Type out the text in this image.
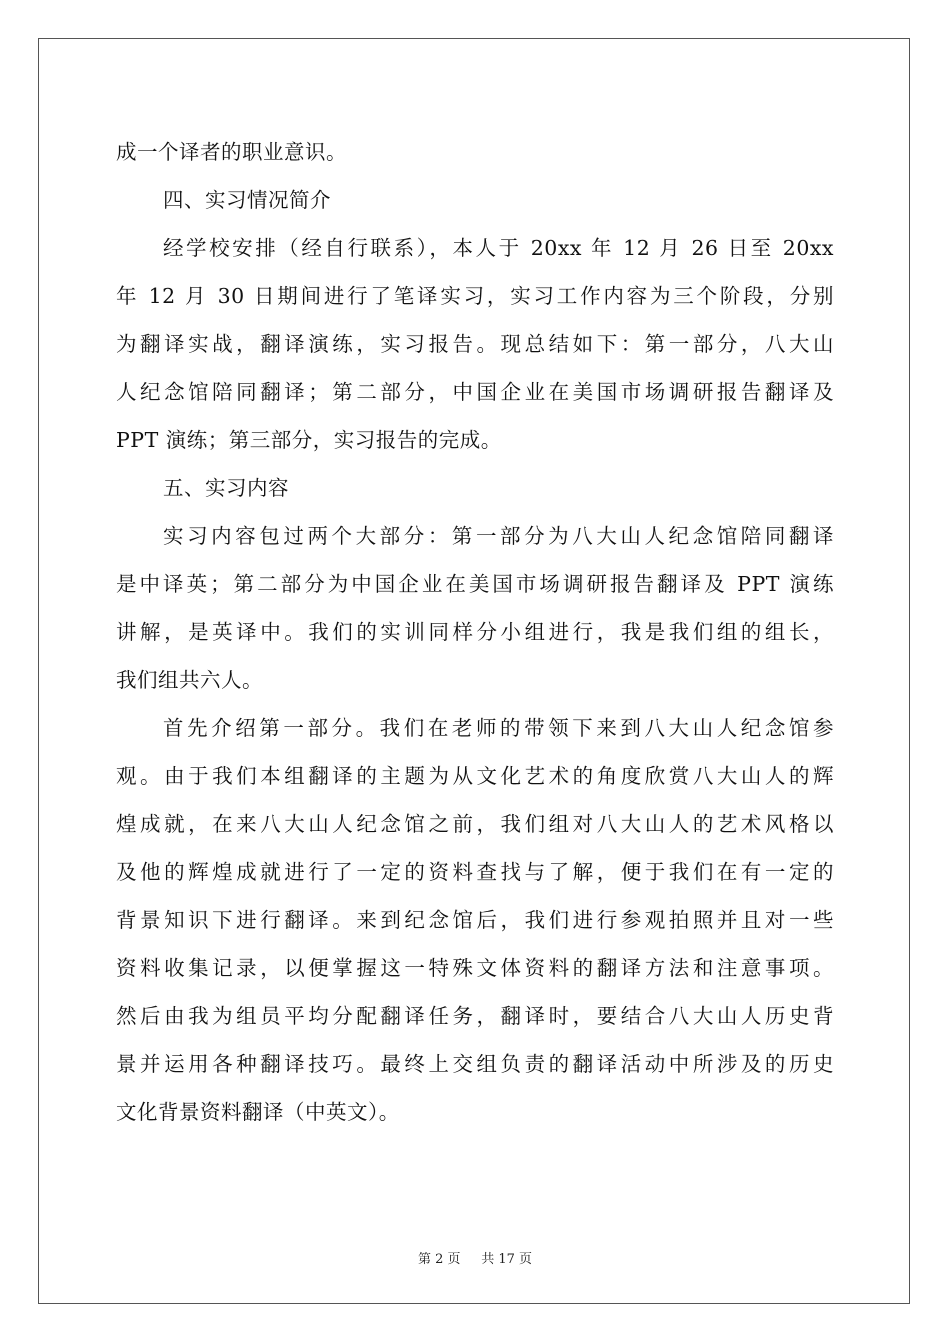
成一个译者的职业意识。
四、实习情况简介
经学校安排（经自行联系），本人于 20xx 年 12 月 26 日至 20xx
年 12 月 30 日期间进行了笔译实习，实习工作内容为三个阶段，分别
为翻译实战，翻译演练，实习报告。现总结如下：第一部分，八大山
人纪念馆陪同翻译；第二部分，中国企业在美国市场调研报告翻译及
PPT 演练；第三部分，实习报告的完成。
五、实习内容
实习内容包过两个大部分：第一部分为八大山人纪念馆陪同翻译
是中译英；第二部分为中国企业在美国市场调研报告翻译及 PPT 演练
讲解，是英译中。我们的实训同样分小组进行，我是我们组的组长，
我们组共六人。
首先介绍第一部分。我们在老师的带领下来到八大山人纪念馆参
观。由于我们本组翻译的主题为从文化艺术的角度欣赏八大山人的辉
煌成就，在来八大山人纪念馆之前，我们组对八大山人的艺术风格以
及他的辉煌成就进行了一定的资料查找与了解，便于我们在有一定的
背景知识下进行翻译。来到纪念馆后，我们进行参观拍照并且对一些
资料收集记录，以便掌握这一特殊文体资料的翻译方法和注意事项。
然后由我为组员平均分配翻译任务，翻译时，要结合八大山人历史背
景并运用各种翻译技巧。最终上交组负责的翻译活动中所涉及的历史
文化背景资料翻译（中英文）。
第 2 页 共 17 页
